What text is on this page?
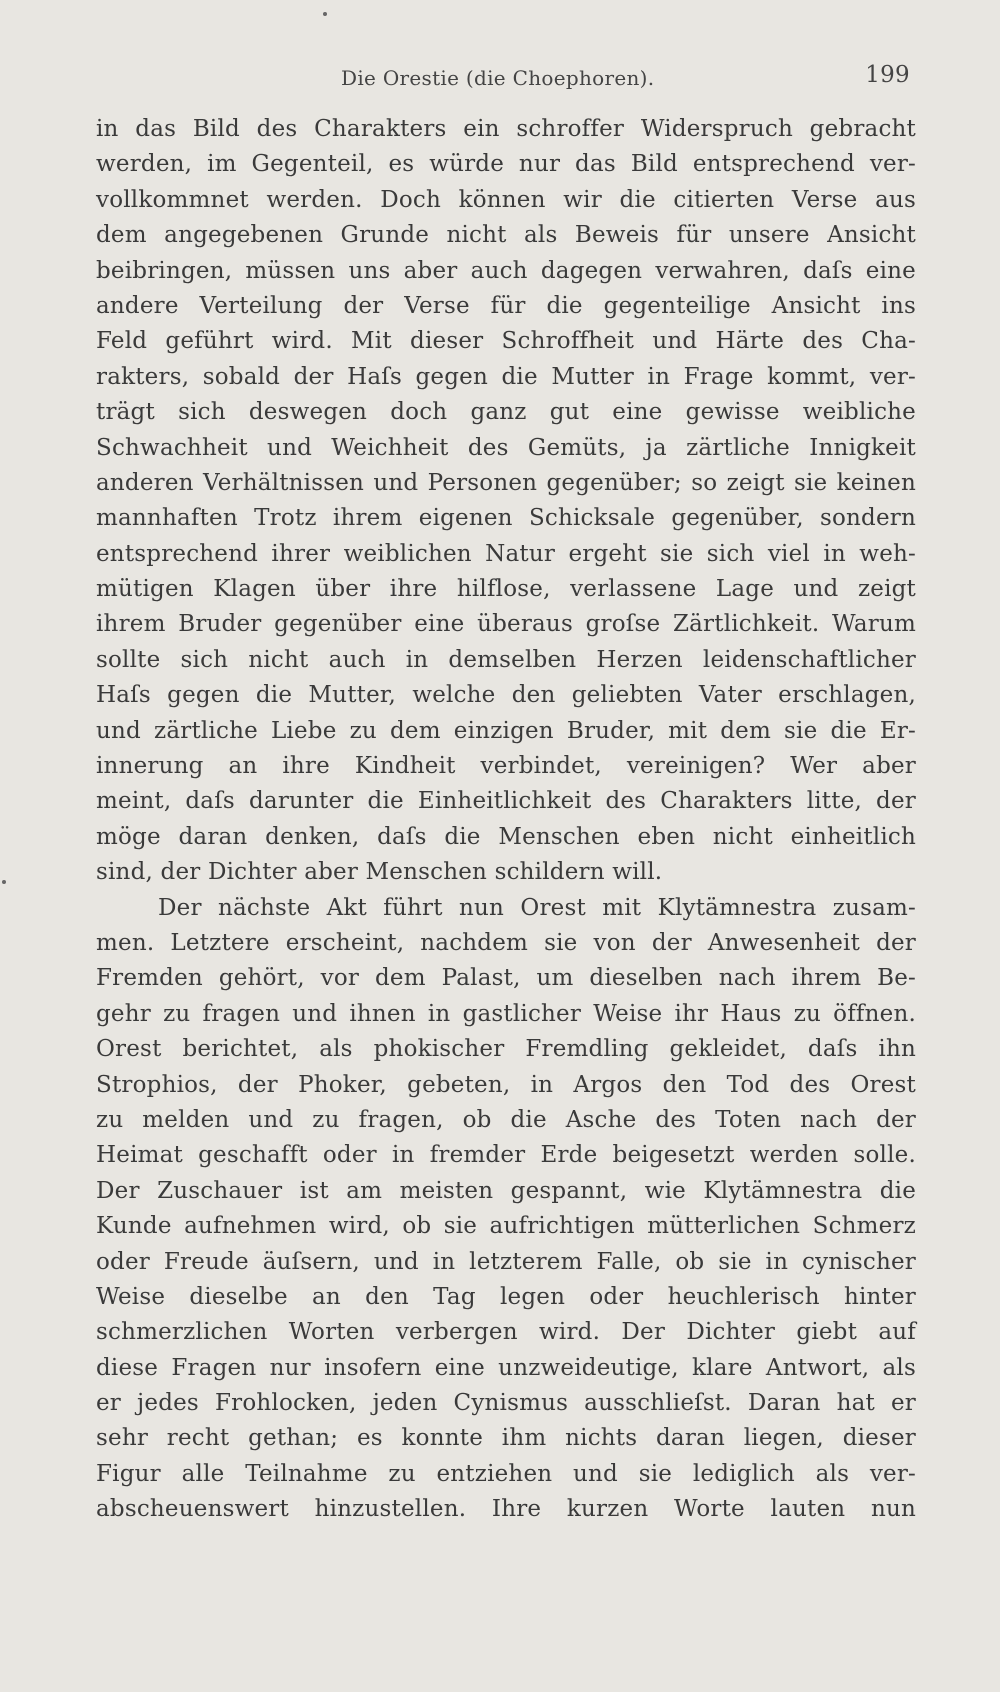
Die Orestie (die Choephoren).	199
in das Bild des Charakters ein schroffer Widerspruch gebracht
werden, im Gegenteil, es würde nur das Bild entsprechend ver-
vollkommnet werden. Doch können wir die citierten Verse aus
dem angegebenen Grunde nicht als Beweis für unsere Ansicht
beibringen, müssen uns aber auch dagegen verwahren, daſs eine
andere Verteilung der Verse für die gegenteilige Ansicht ins
Feld geführt wird. Mit dieser Schroffheit und Härte des Cha-
rakters, sobald der Haſs gegen die Mutter in Frage kommt, ver-
trägt sich deswegen doch ganz gut eine gewisse weibliche
Schwachheit und Weichheit des Gemüts, ja zärtliche Innigkeit
anderen Verhältnissen und Personen gegenüber; so zeigt sie keinen
mannhaften Trotz ihrem eigenen Schicksale gegenüber, sondern
entsprechend ihrer weiblichen Natur ergeht sie sich viel in weh-
mütigen Klagen über ihre hilflose, verlassene Lage und zeigt
ihrem Bruder gegenüber eine überaus groſse Zärtlichkeit. Warum
sollte sich nicht auch in demselben Herzen leidenschaftlicher
Haſs gegen die Mutter, welche den geliebten Vater erschlagen,
und zärtliche Liebe zu dem einzigen Bruder, mit dem sie die Er-
innerung an ihre Kindheit verbindet, vereinigen? Wer aber
meint, daſs darunter die Einheitlichkeit des Charakters litte, der
möge daran denken, daſs die Menschen eben nicht einheitlich
sind, der Dichter aber Menschen schildern will.
Der nächste Akt führt nun Orest mit Klytämnestra zusam-
men. Letztere erscheint, nachdem sie von der Anwesenheit der
Fremden gehört, vor dem Palast, um dieselben nach ihrem Be-
gehr zu fragen und ihnen in gastlicher Weise ihr Haus zu öffnen.
Orest berichtet, als phokischer Fremdling gekleidet, daſs ihn
Strophios, der Phoker, gebeten, in Argos den Tod des Orest
zu melden und zu fragen, ob die Asche des Toten nach der
Heimat geschafft oder in fremder Erde beigesetzt werden solle.
Der Zuschauer ist am meisten gespannt, wie Klytämnestra die
Kunde aufnehmen wird, ob sie aufrichtigen mütterlichen Schmerz
oder Freude äuſsern, und in letzterem Falle, ob sie in cynischer
Weise dieselbe an den Tag legen oder heuchlerisch hinter
schmerzlichen Worten verbergen wird. Der Dichter giebt auf
diese Fragen nur insofern eine unzweideutige, klare Antwort, als
er jedes Frohlocken, jeden Cynismus ausschlieſst. Daran hat er
sehr recht gethan; es konnte ihm nichts daran liegen, dieser
Figur alle Teilnahme zu entziehen und sie lediglich als ver-
abscheuenswert hinzustellen. Ihre kurzen Worte lauten nun
